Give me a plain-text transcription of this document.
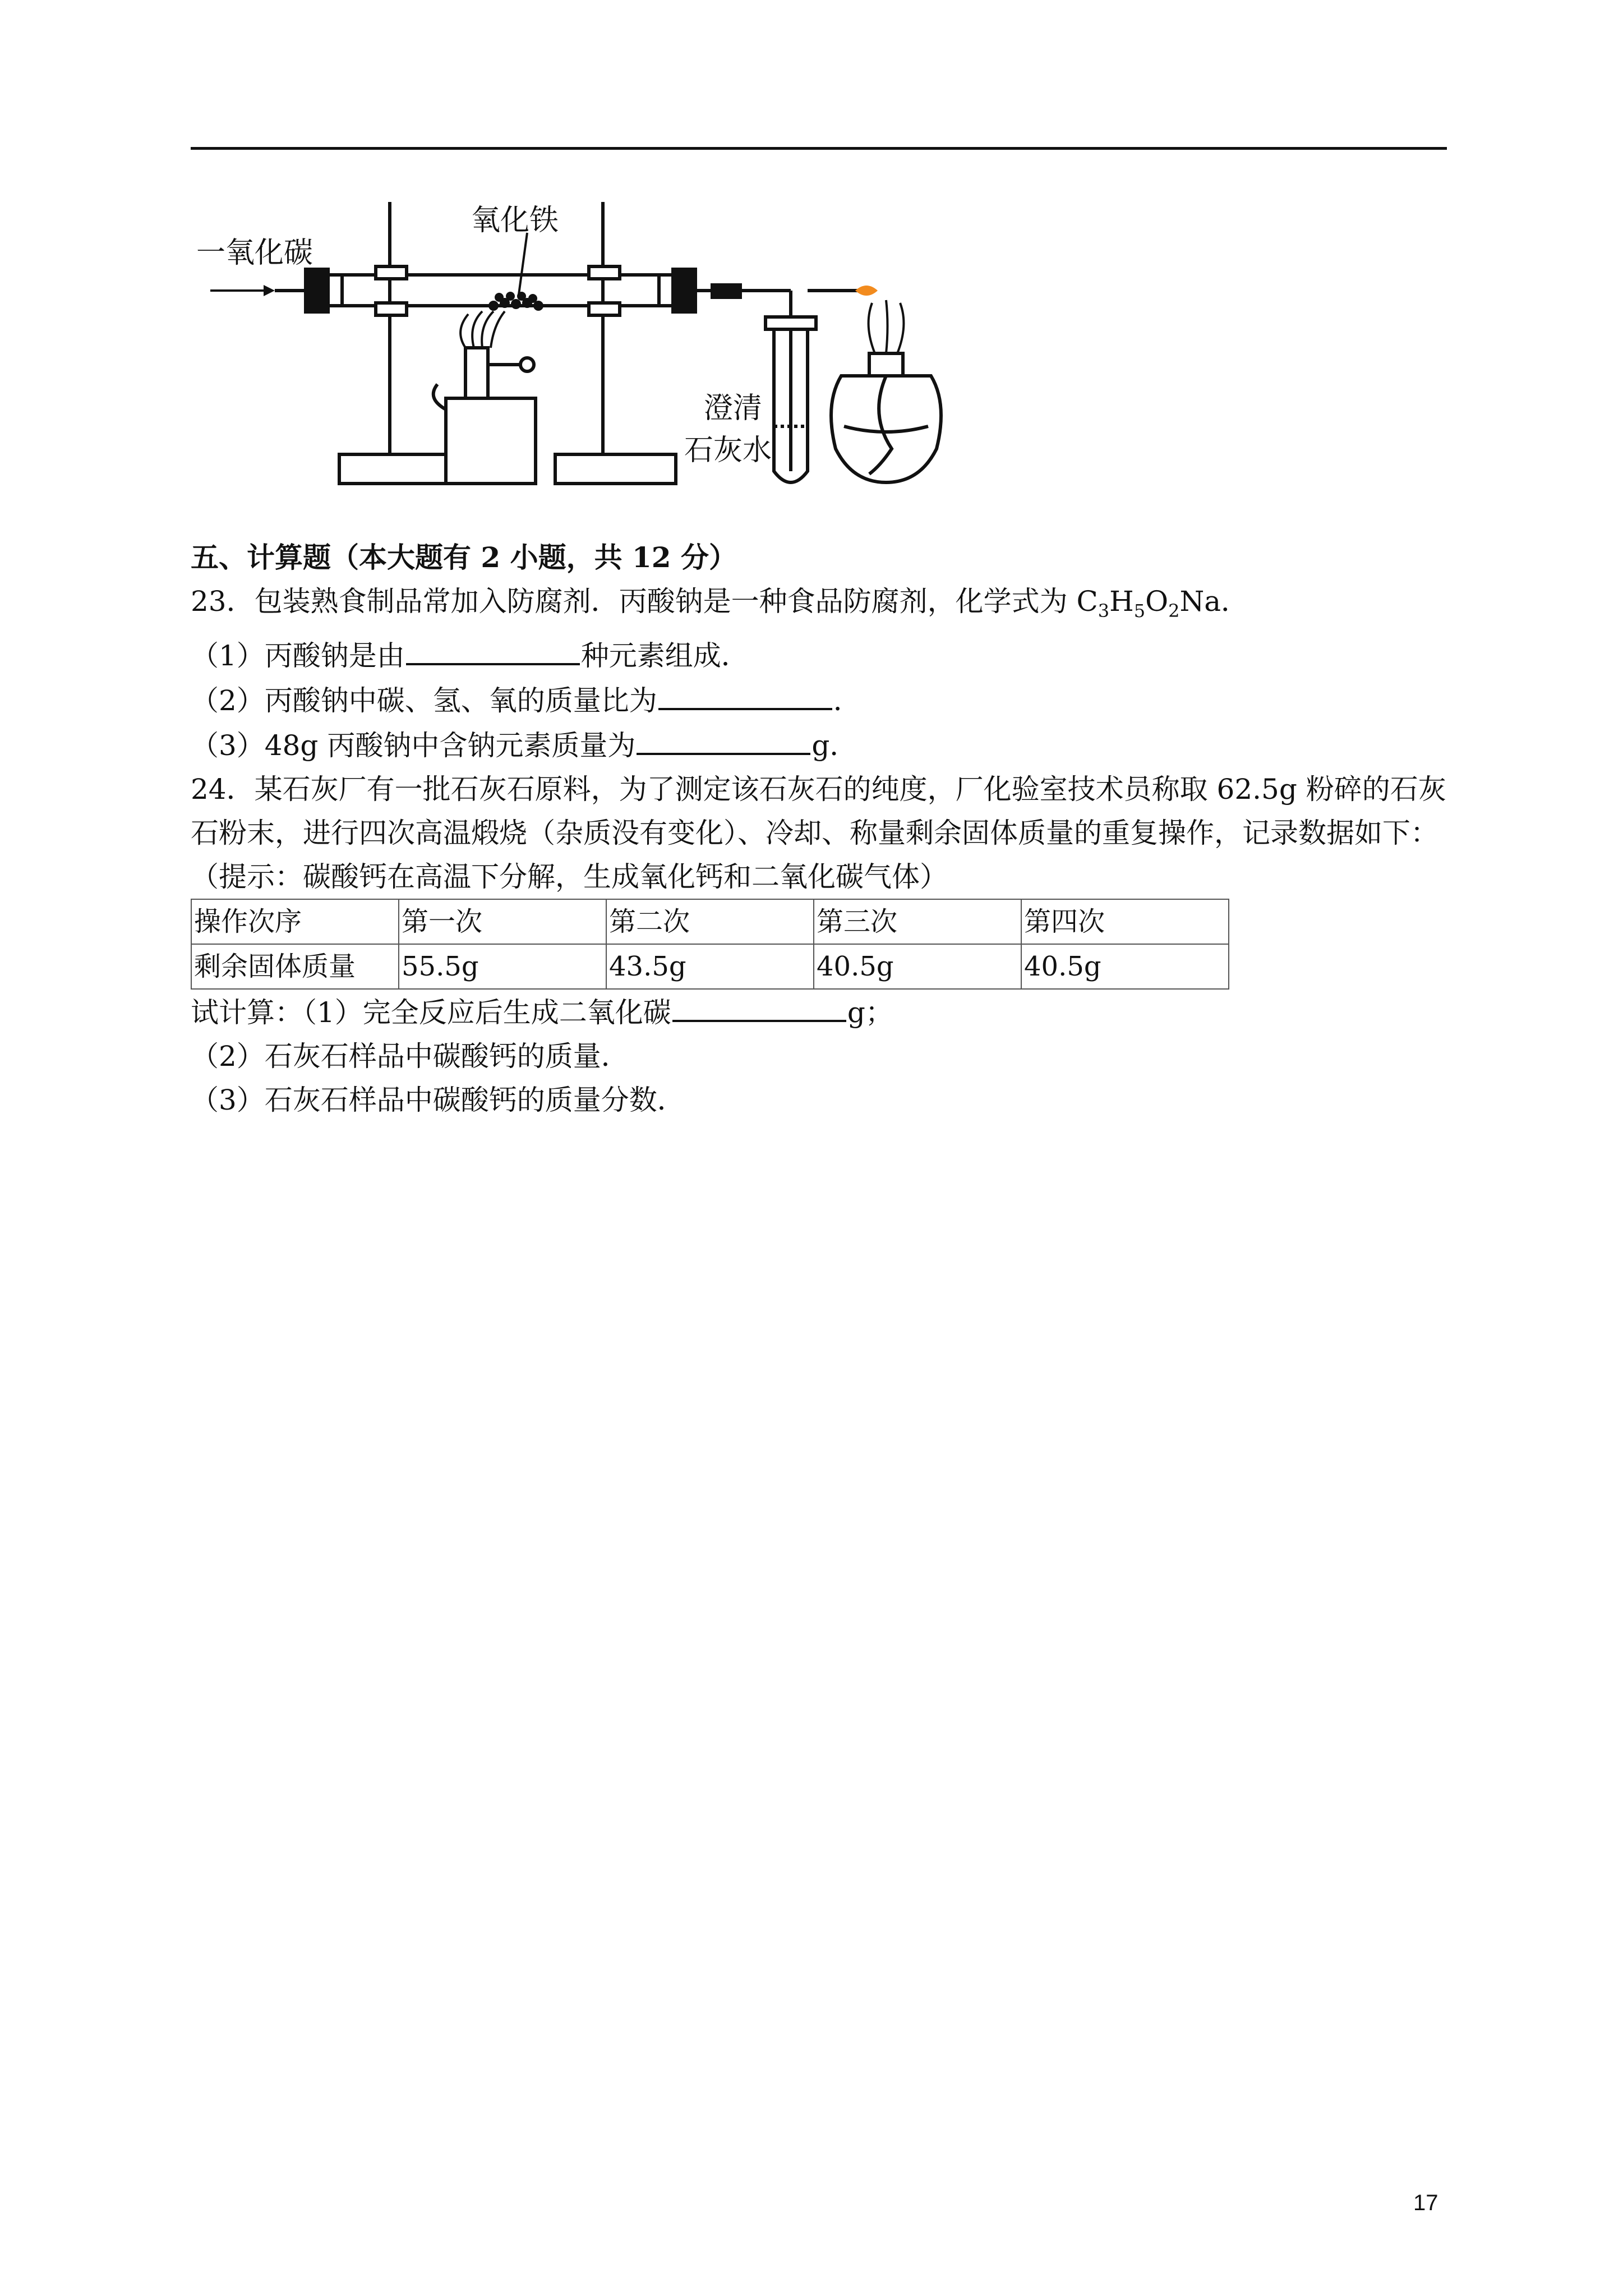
一氧化碳
氧化铁
澄清
石灰水
五、计算题（本大题有 2 小题，共 12 分）
23．包装熟食制品常加入防腐剂．丙酸钠是一种食品防腐剂，化学式为 $C_3H_5O_2Na$．
（1）丙酸钠是由	种元素组成．
（2）丙酸钠中碳、氢、氧的质量比为	．
（3）48g 丙酸钠中含钠元素质量为	g．
24．某石灰厂有一批石灰石原料，为了测定该石灰石的纯度，厂化验室技术员称取 62.5g 粉碎的石灰石粉末，进行四次高温煅烧（杂质没有变化）、冷却、称量剩余固体质量的重复操作，记录数据如下：（提示：碳酸钙在高温下分解，生成氧化钙和二氧化碳气体）
操作次序	第一次	第二次	第三次	第四次
剩余固体质量	55.5g	43.5g	40.5g	40.5g
试计算：（1）完全反应后生成二氧化碳	g；
（2）石灰石样品中碳酸钙的质量．
（3）石灰石样品中碳酸钙的质量分数．
17
